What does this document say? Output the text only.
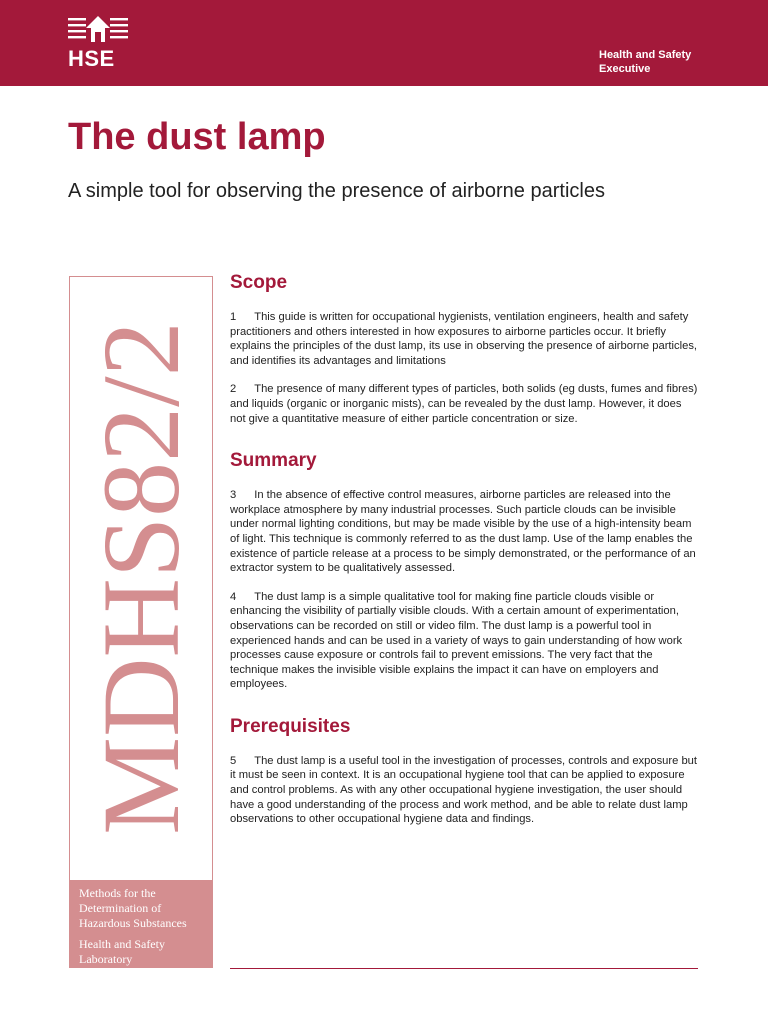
HSE	Health and Safety
Executive
The dust lamp

A simple tool for observing the presence of airborne particles

MDHS82/2
Methods for the Determination of Hazardous Substances
Health and Safety Laboratory
Scope

1 This guide is written for occupational hygienists, ventilation engineers, health and safety practitioners and others interested in how exposures to airborne particles occur. It briefly explains the principles of the dust lamp, its use in observing the presence of airborne particles, and identifies its advantages and limitations

2 The presence of many different types of particles, both solids (eg dusts, fumes and fibres) and liquids (organic or inorganic mists), can be revealed by the dust lamp. However, it does not give a quantitative measure of either particle concentration or size.

Summary

3 In the absence of effective control measures, airborne particles are released into the workplace atmosphere by many industrial processes. Such particle clouds can be invisible under normal lighting conditions, but may be made visible by the use of a high-intensity beam of light. This technique is commonly referred to as the dust lamp. Use of the lamp enables the existence of particle release at a process to be simply demonstrated, or the performance of an extractor system to be qualitatively assessed.

4 The dust lamp is a simple qualitative tool for making fine particle clouds visible or enhancing the visibility of partially visible clouds. With a certain amount of experimentation, observations can be recorded on still or video film. The dust lamp is a powerful tool in experienced hands and can be used in a variety of ways to gain understanding of how work processes cause exposure or controls fail to prevent emissions. The very fact that the technique makes the invisible visible explains the impact it can have on employers and employees.

Prerequisites

5 The dust lamp is a useful tool in the investigation of processes, controls and exposure but it must be seen in context. It is an occupational hygiene tool that can be applied to exposure and control problems. As with any other occupational hygiene investigation, the user should have a good understanding of the process and work method, and be able to relate dust lamp observations to other occupational hygiene data and findings.
